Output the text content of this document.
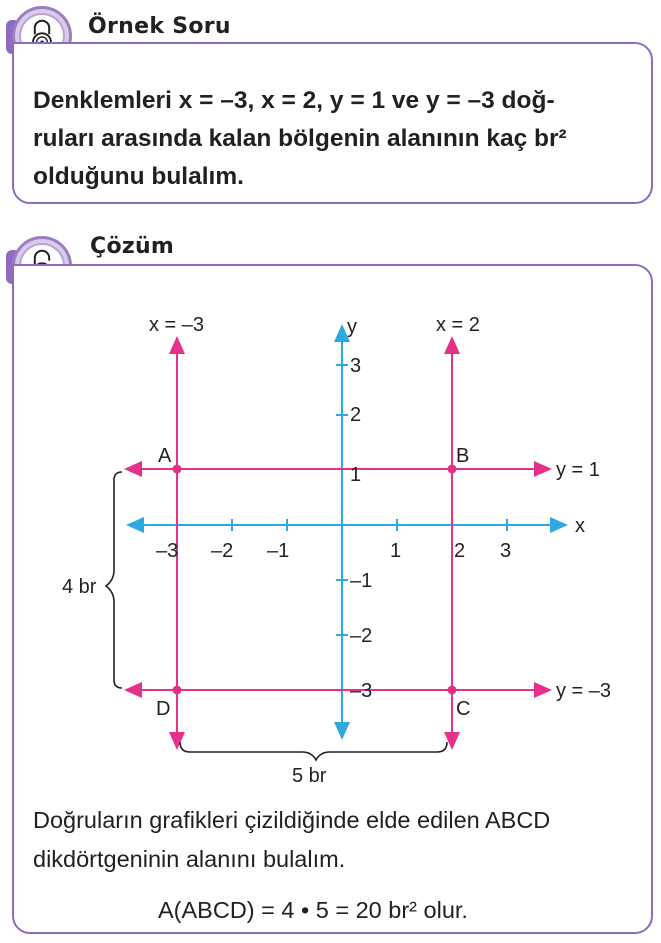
Örnek Soru
Denklemleri x = –3, x = 2, y = 1 ve y = –3 doğ-
ruları arasında kalan bölgenin alanının kaç br²
olduğunu bulalım.
Çözüm
y
x
–3 –2 –1	1	2 3
3
2
1
–1
–2
–3
x = –3	x = 2
y = 1
y = –3
A	B
C
D
4 br
5 br
Doğruların grafikleri çizildiğinde elde edilen ABCD
dikdörtgeninin alanını bulalım.
A(ABCD) = 4 • 5 = 20 br² olur.
